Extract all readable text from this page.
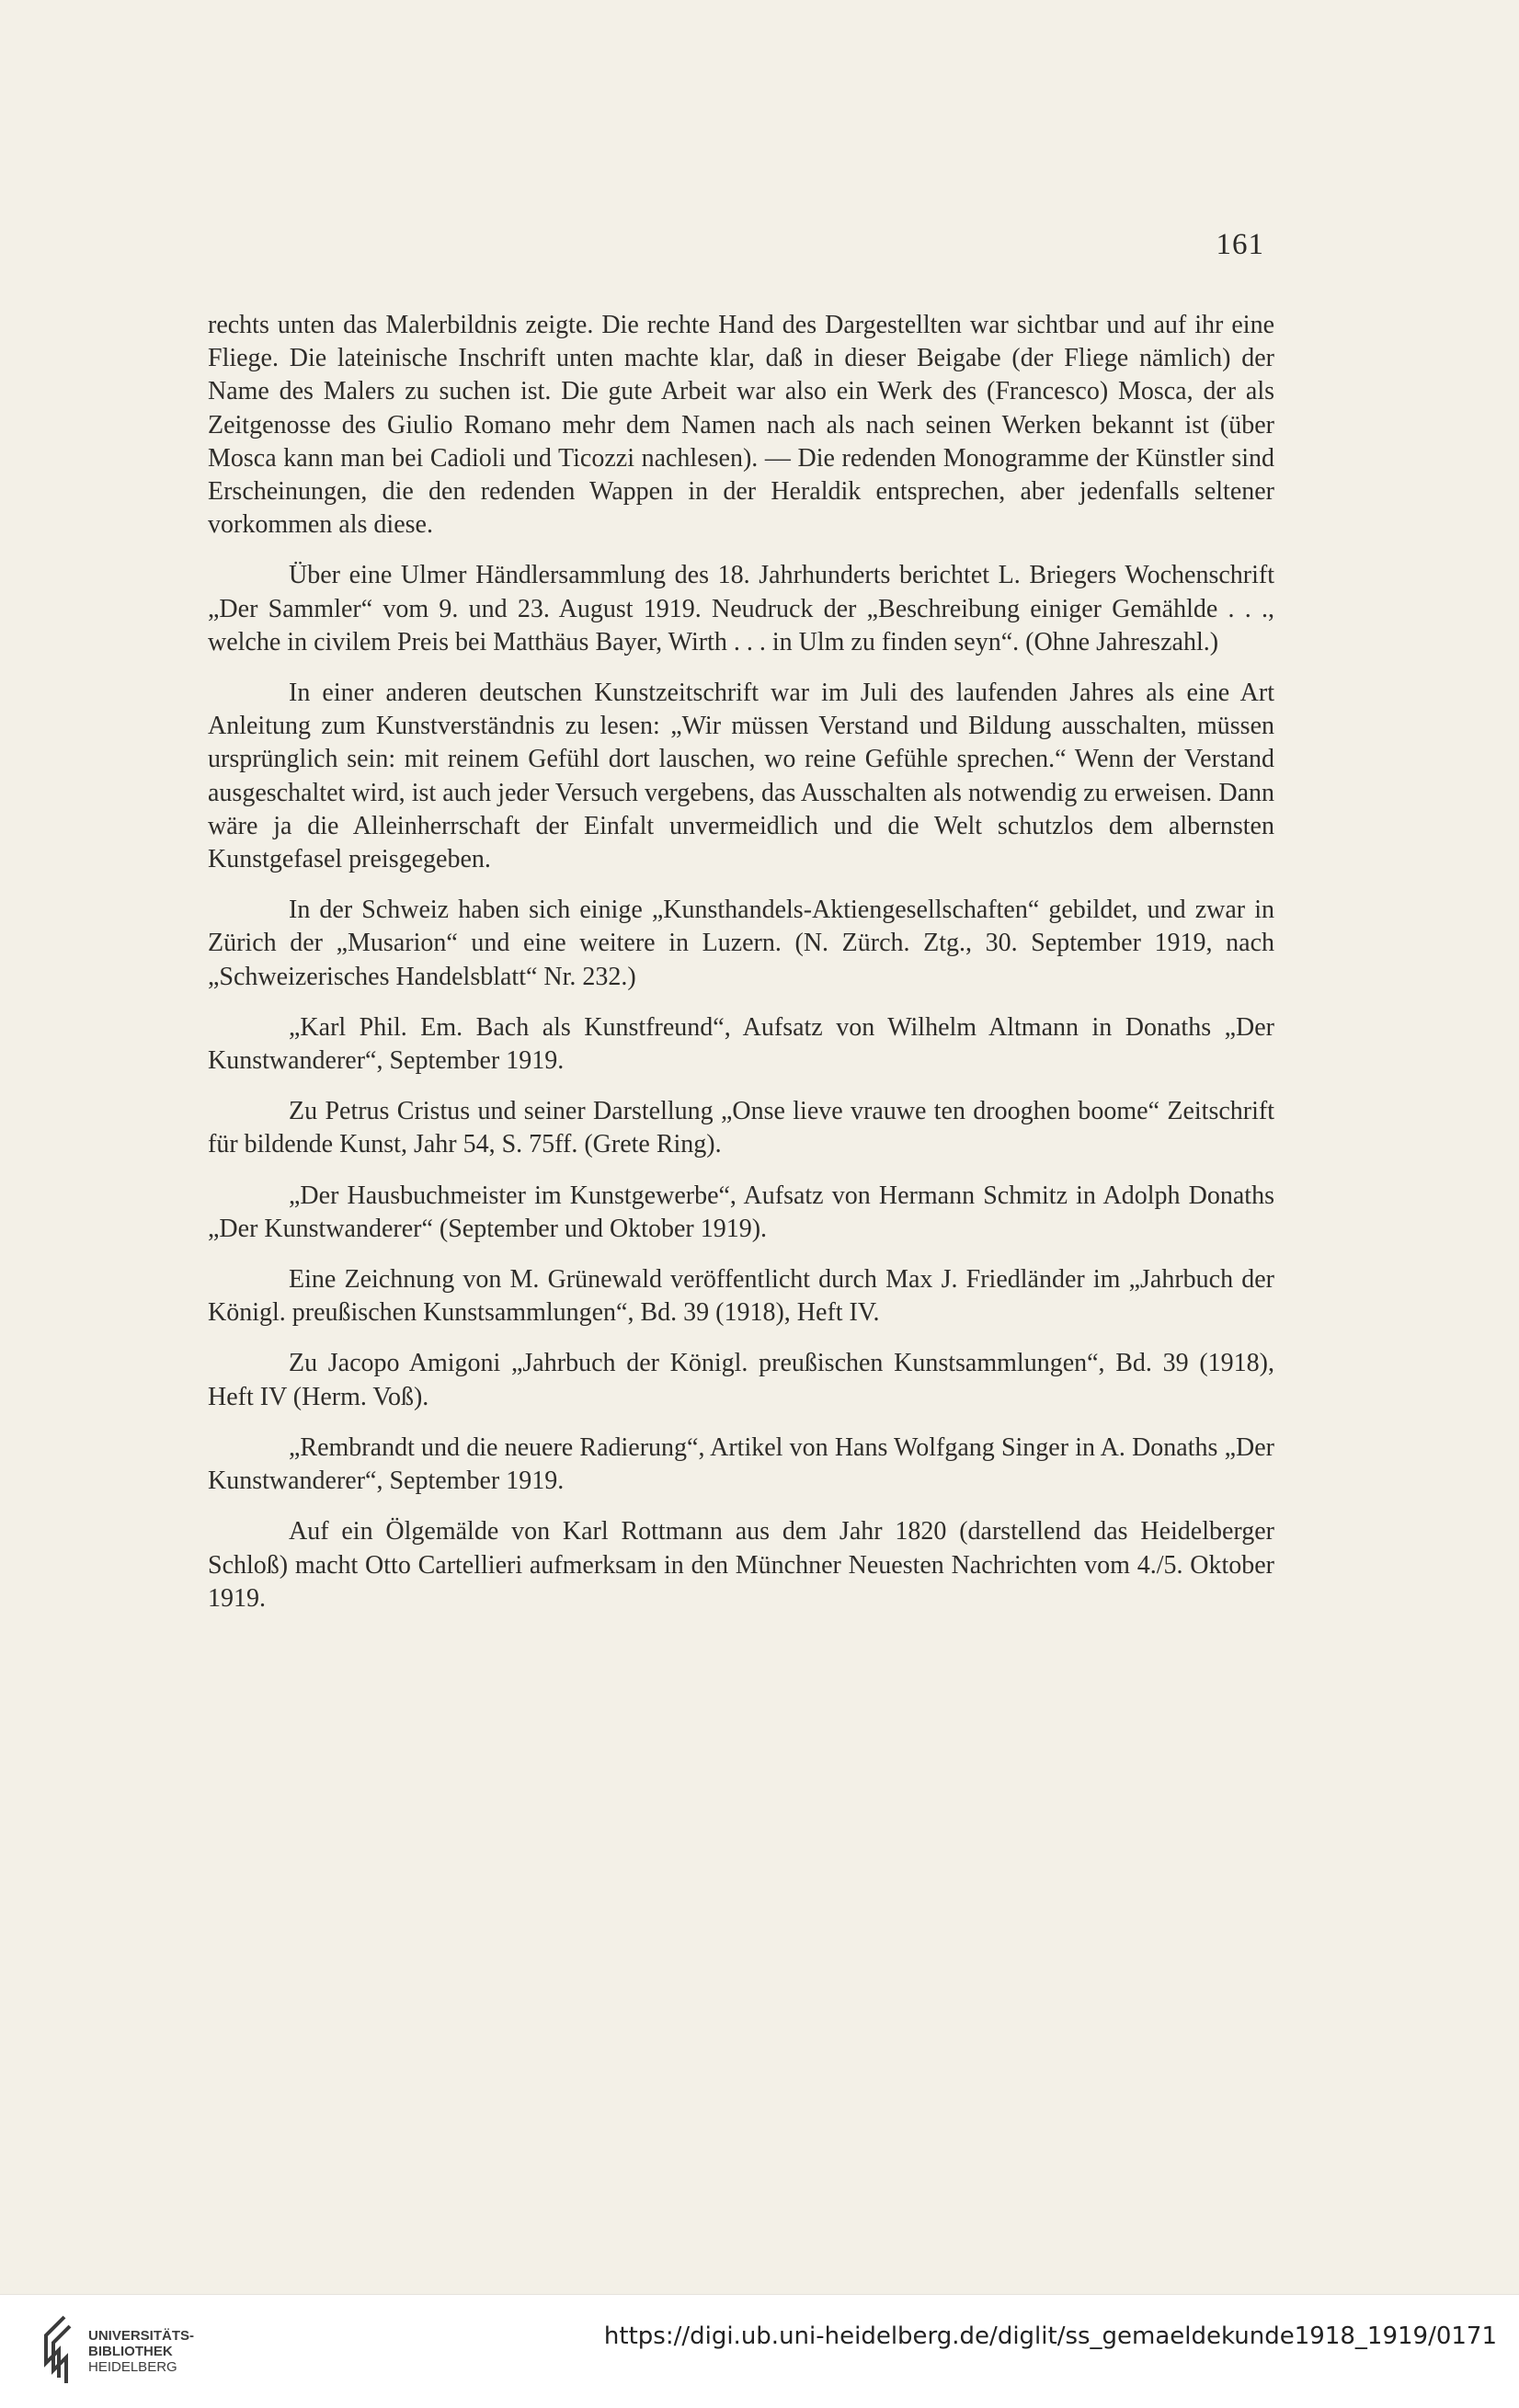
161

rechts unten das Malerbildnis zeigte. Die rechte Hand des Dargestellten war sichtbar und auf ihr eine Fliege. Die lateinische Inschrift unten machte klar, daß in dieser Beigabe (der Fliege nämlich) der Name des Malers zu suchen ist. Die gute Arbeit war also ein Werk des (Francesco) Mosca, der als Zeitgenosse des Giulio Romano mehr dem Namen nach als nach seinen Werken bekannt ist (über Mosca kann man bei Cadioli und Ticozzi nachlesen). — Die redenden Monogramme der Künstler sind Erscheinungen, die den redenden Wappen in der Heraldik entsprechen, aber jedenfalls seltener vorkommen als diese.

Über eine Ulmer Händlersammlung des 18. Jahrhunderts berichtet L. Briegers Wochenschrift „Der Sammler“ vom 9. und 23. August 1919. Neudruck der „Beschreibung einiger Gemählde . . ., welche in civilem Preis bei Matthäus Bayer, Wirth . . . in Ulm zu finden seyn“. (Ohne Jahreszahl.)

In einer anderen deutschen Kunstzeitschrift war im Juli des laufenden Jahres als eine Art Anleitung zum Kunstverständnis zu lesen: „Wir müssen Verstand und Bildung ausschalten, müssen ursprünglich sein: mit reinem Gefühl dort lauschen, wo reine Gefühle sprechen.“ Wenn der Verstand ausgeschaltet wird, ist auch jeder Versuch vergebens, das Ausschalten als notwendig zu erweisen. Dann wäre ja die Alleinherrschaft der Einfalt unvermeidlich und die Welt schutzlos dem albernsten Kunstgefasel preisgegeben.

In der Schweiz haben sich einige „Kunsthandels-Aktiengesellschaften“ gebildet, und zwar in Zürich der „Musarion“ und eine weitere in Luzern. (N. Zürch. Ztg., 30. September 1919, nach „Schweizerisches Handelsblatt“ Nr. 232.)

„Karl Phil. Em. Bach als Kunstfreund“, Aufsatz von Wilhelm Altmann in Donaths „Der Kunstwanderer“, September 1919.

Zu Petrus Cristus und seiner Darstellung „Onse lieve vrauwe ten drooghen boome“ Zeitschrift für bildende Kunst, Jahr 54, S. 75ff. (Grete Ring).

„Der Hausbuchmeister im Kunstgewerbe“, Aufsatz von Hermann Schmitz in Adolph Donaths „Der Kunstwanderer“ (September und Oktober 1919).

Eine Zeichnung von M. Grünewald veröffentlicht durch Max J. Friedländer im „Jahrbuch der Königl. preußischen Kunstsammlungen“, Bd. 39 (1918), Heft IV.

Zu Jacopo Amigoni „Jahrbuch der Königl. preußischen Kunstsammlungen“, Bd. 39 (1918), Heft IV (Herm. Voß).

„Rembrandt und die neuere Radierung“, Artikel von Hans Wolfgang Singer in A. Donaths „Der Kunstwanderer“, September 1919.

Auf ein Ölgemälde von Karl Rottmann aus dem Jahr 1820 (darstellend das Heidelberger Schloß) macht Otto Cartellieri aufmerksam in den Münchner Neuesten Nachrichten vom 4./5. Oktober 1919.

UNIVERSITÄTS-
BIBLIOTHEK
HEIDELBERG
https://digi.ub.uni-heidelberg.de/diglit/ss_gemaeldekunde1918_1919/0171
